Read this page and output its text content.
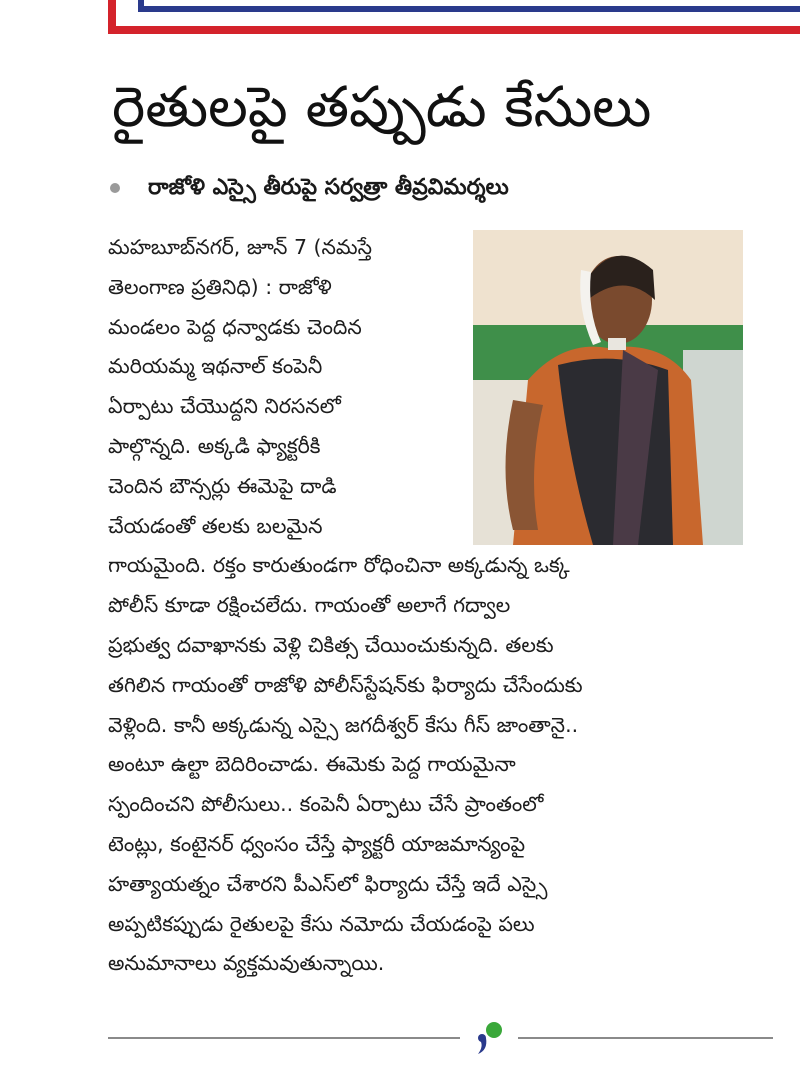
రైతులపై తప్పుడు కేసులు
రాజోళి ఎస్సై తీరుపై సర్వత్రా తీవ్రవిమర్శలు
మహబూబ్‌నగర్, జూన్ 7 (నమస్తే
తెలంగాణ ప్రతినిధి) : రాజోళి
మండలం పెద్ద ధన్వాడకు చెందిన
మరియమ్మ ఇథనాల్ కంపెనీ
ఏర్పాటు చేయొద్దని నిరసనలో
పాల్గొన్నది. అక్కడి ఫ్యాక్టరీకి
చెందిన బౌన్సర్లు ఈమెపై దాడి
చేయడంతో తలకు బలమైన
గాయమైంది. రక్తం కారుతుండగా రోధించినా అక్కడున్న ఒక్క
పోలీస్ కూడా రక్షించలేదు. గాయంతో అలాగే గద్వాల
ప్రభుత్వ దవాఖానకు వెళ్లి చికిత్స చేయించుకున్నది. తలకు
తగిలిన గాయంతో రాజోళి పోలీస్‌స్టేషన్‌కు ఫిర్యాదు చేసేందుకు
వెళ్లింది. కానీ అక్కడున్న ఎస్సై జగదీశ్వర్ కేసు గీస్ జాంతానై..
అంటూ ఉల్టా బెదిరించాడు. ఈమెకు పెద్ద గాయమైనా
స్పందించని పోలీసులు.. కంపెనీ ఏర్పాటు చేసే ప్రాంతంలో
టెంట్లు, కంటైనర్ ధ్వంసం చేస్తే ఫ్యాక్టరీ యాజమాన్యంపై
హత్యాయత్నం చేశారని పీఎస్‌లో ఫిర్యాదు చేస్తే ఇదే ఎస్సై
అప్పటికప్పుడు రైతులపై కేసు నమోదు చేయడంపై పలు
అనుమానాలు వ్యక్తమవుతున్నాయి.
